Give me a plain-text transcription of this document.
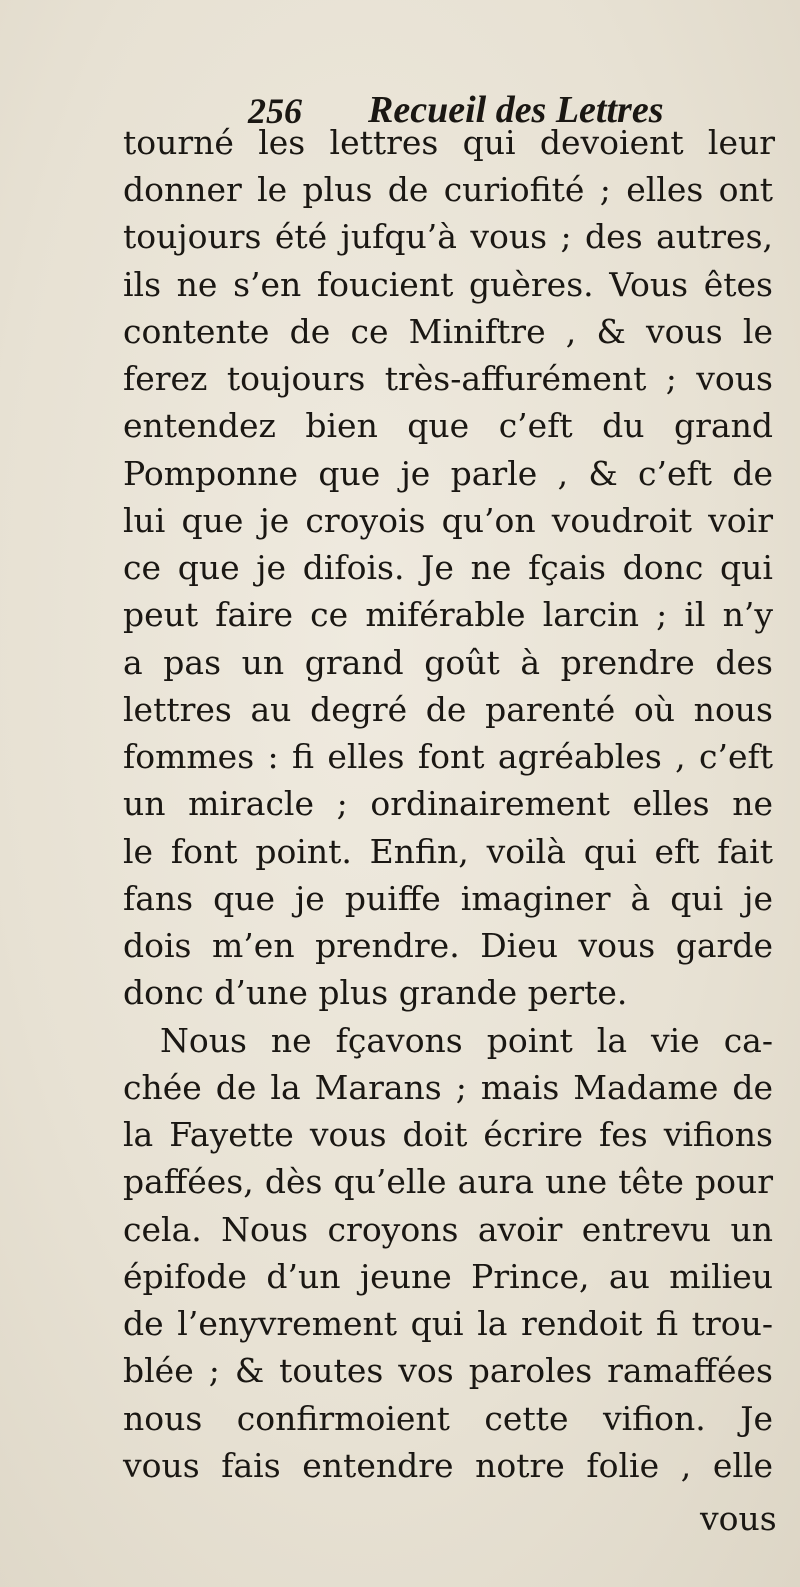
256 Recueil des Lettres
tourné les lettres qui devoient leur
donner le plus de curiofité ; elles ont
toujours été jufqu’à vous ; des autres,
ils ne s’en foucient guères. Vous êtes
contente de ce Miniftre , & vous le
ferez toujours très-affurément ; vous
entendez bien que c’eft du grand
Pomponne que je parle , & c’eft de
lui que je croyois qu’on voudroit voir
ce que je difois. Je ne fçais donc qui
peut faire ce miférable larcin ; il n’y
a pas un grand goût à prendre des
lettres au degré de parenté où nous
fommes : fi elles font agréables , c’eft
un miracle ; ordinairement elles ne
le font point. Enfin, voilà qui eft fait
fans que je puiffe imaginer à qui je
dois m’en prendre. Dieu vous garde
donc d’une plus grande perte.
Nous ne fçavons point la vie ca-
chée de la Marans ; mais Madame de
la Fayette vous doit écrire fes vifions
paffées, dès qu’elle aura une tête pour
cela. Nous croyons avoir entrevu un
épifode d’un jeune Prince, au milieu
de l’enyvrement qui la rendoit fi trou-
blée ; & toutes vos paroles ramaffées
nous confirmoient cette vifion. Je
vous fais entendre notre folie , elle
vous
